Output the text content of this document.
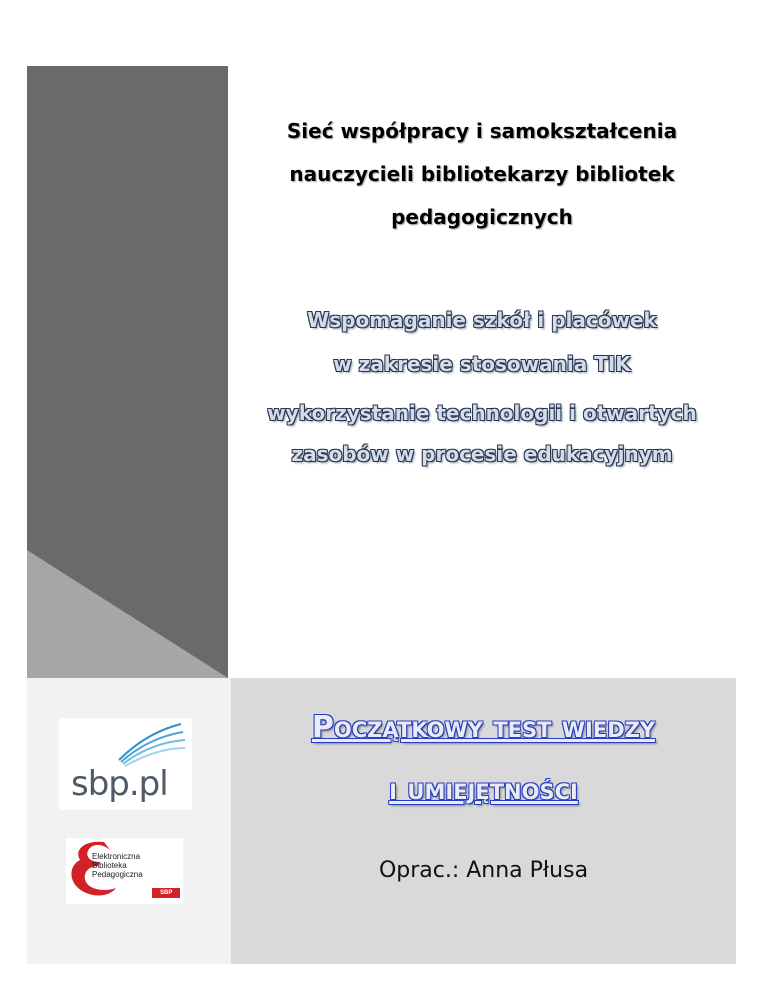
Sieć współpracy i samokształcenia

nauczycieli bibliotekarzy bibliotek

pedagogicznych

Wspomaganie szkół i placówek

w zakresie stosowania TIK

wykorzystanie technologii i otwartych

zasobów w procesie edukacyjnym

Początkowy test wiedzy

i umiejętności

Oprac.: Anna Płusa
sbp.pl
Elektroniczna
Biblioteka
Pedagogiczna
SBP
